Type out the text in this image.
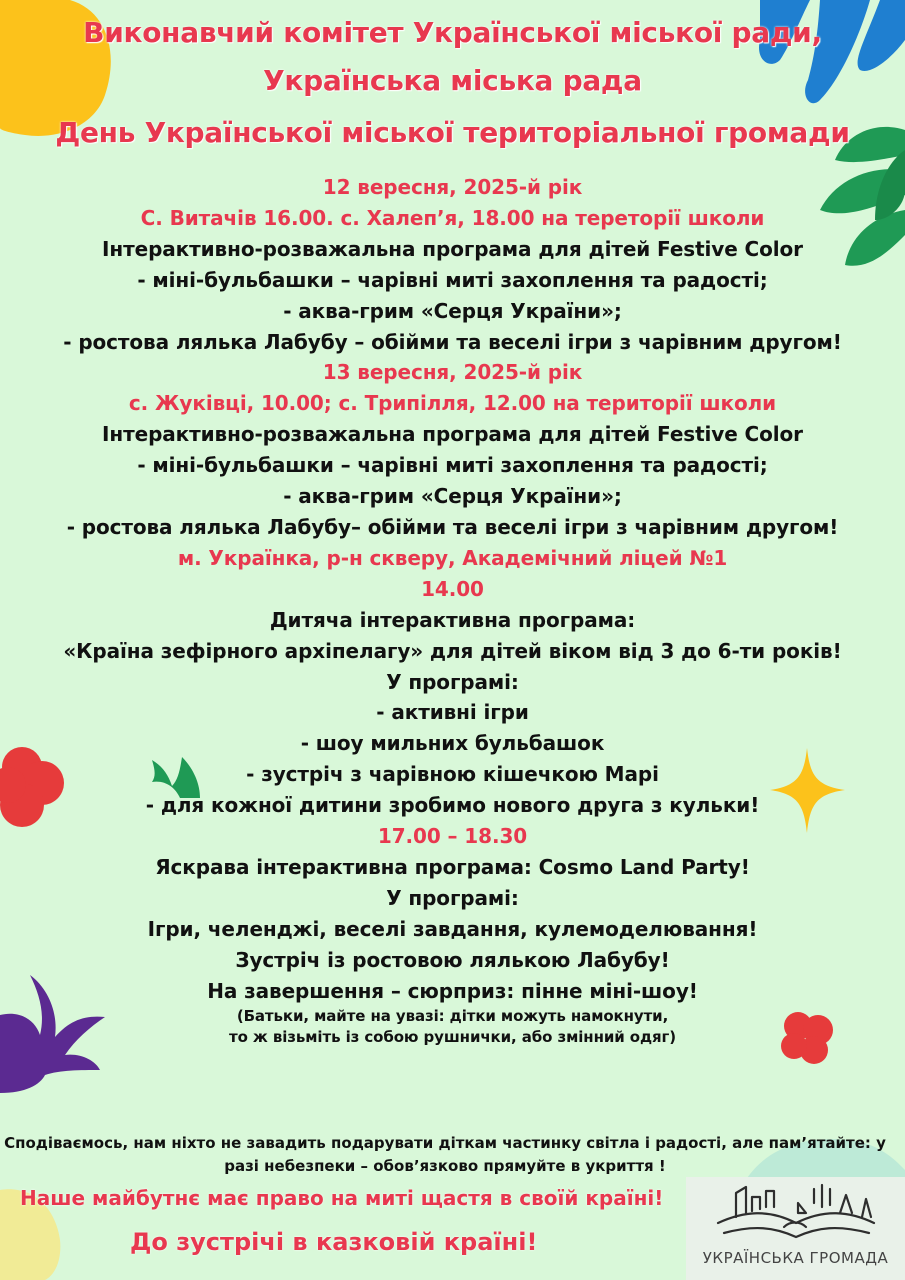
Виконавчий комітет Української міської ради,
Українська міська рада
День Української міської територіальної громади
12 вересня, 2025-й рік
С. Витачів 16.00. с. Халеп’я, 18.00 на тереторії школи
Інтерактивно-розважальна програма для дітей Festive Color
- міні-бульбашки – чарівні миті захоплення та радості;
- аква-грим «Серця України»;
- ростова лялька Лабубу – обійми та веселі ігри з чарівним другом!
13 вересня, 2025-й рік
с. Жуківці, 10.00; с. Трипілля, 12.00 на території школи
Інтерактивно-розважальна програма для дітей Festive Color
- міні-бульбашки – чарівні миті захоплення та радості;
- аква-грим «Серця України»;
- ростова лялька Лабубу– обійми та веселі ігри з чарівним другом!
м. Українка, р-н скверу, Академічний ліцей №1
14.00
Дитяча інтерактивна програма:
«Країна зефірного архіпелагу» для дітей віком від 3 до 6-ти років!
У програмі:
- активні ігри
- шоу мильних бульбашок
- зустріч з чарівною кішечкою Марі
- для кожної дитини зробимо нового друга з кульки!
17.00 – 18.30
Яскрава інтерактивна програма: Cosmo Land Party!
У програмі:
Ігри, челенджі, веселі завдання, кулемоделювання!
Зустріч із ростовою лялькою Лабубу!
На завершення – сюрприз: пінне міні-шоу!
(Батьки, майте на увазі: дітки можуть намокнути,
то ж візьміть із собою рушнички, або змінний одяг)
Сподіваємось, нам ніхто не завадить подарувати діткам частинку світла і радості, але пам’ятайте: у
разі небезпеки – обов’язково прямуйте в укриття !
Наше майбутнє має право на миті щастя в своїй країні!
До зустрічі в казковій країні!
УКРАЇНСЬКА ГРОМАДА
